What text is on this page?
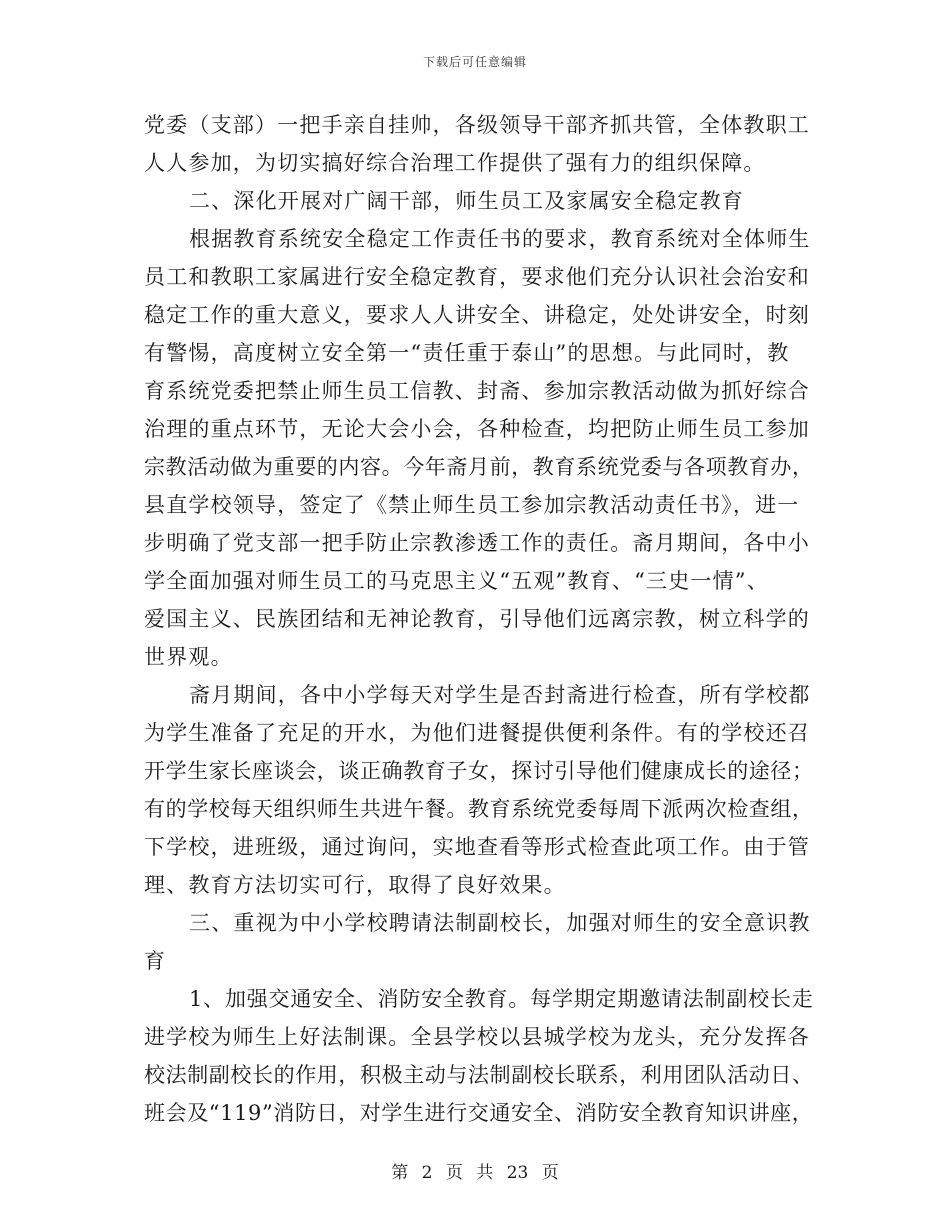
下载后可任意编辑
党委（支部）一把手亲自挂帅，各级领导干部齐抓共管，全体教职工
人人参加，为切实搞好综合治理工作提供了强有力的组织保障。
二、深化开展对广阔干部，师生员工及家属安全稳定教育
根据教育系统安全稳定工作责任书的要求，教育系统对全体师生
员工和教职工家属进行安全稳定教育，要求他们充分认识社会治安和
稳定工作的重大意义，要求人人讲安全、讲稳定，处处讲安全，时刻
有警惕，高度树立安全第一“责任重于泰山”的思想。与此同时，教
育系统党委把禁止师生员工信教、封斋、参加宗教活动做为抓好综合
治理的重点环节，无论大会小会，各种检查，均把防止师生员工参加
宗教活动做为重要的内容。今年斋月前，教育系统党委与各项教育办，
县直学校领导，签定了《禁止师生员工参加宗教活动责任书》，进一
步明确了党支部一把手防止宗教渗透工作的责任。斋月期间，各中小
学全面加强对师生员工的马克思主义“五观”教育、“三史一情”、
爱国主义、民族团结和无神论教育，引导他们远离宗教，树立科学的
世界观。
斋月期间，各中小学每天对学生是否封斋进行检查，所有学校都
为学生准备了充足的开水，为他们进餐提供便利条件。有的学校还召
开学生家长座谈会，谈正确教育子女，探讨引导他们健康成长的途径；
有的学校每天组织师生共进午餐。教育系统党委每周下派两次检查组，
下学校，进班级，通过询问，实地查看等形式检查此项工作。由于管
理、教育方法切实可行，取得了良好效果。
三、重视为中小学校聘请法制副校长，加强对师生的安全意识教
育
1、加强交通安全、消防安全教育。每学期定期邀请法制副校长走
进学校为师生上好法制课。全县学校以县城学校为龙头，充分发挥各
校法制副校长的作用，积极主动与法制副校长联系，利用团队活动日、
班会及“119”消防日，对学生进行交通安全、消防安全教育知识讲座，
第 2 页 共 23 页
